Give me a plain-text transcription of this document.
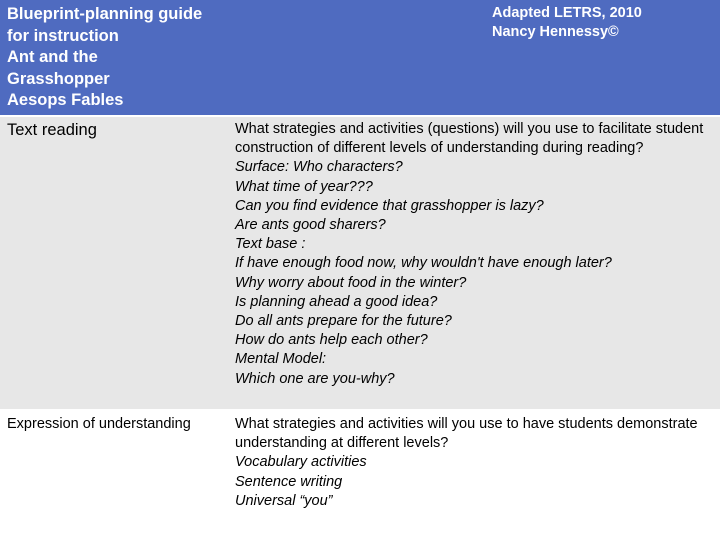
Blueprint-planning guide
for instruction
Ant and the
Grasshopper
Aesops Fables
Adapted LETRS, 2010
Nancy Hennessy©
Text reading	What strategies and activities (questions) will you use to facilitate student construction of different levels of understanding during reading?

Surface: Who characters?
What time of year???
Can you find evidence that grasshopper is lazy?
Are ants good sharers?
Text base :
If have enough food now, why wouldn't have enough later?
Why worry about food in the winter?
Is planning ahead a good idea?
Do all ants prepare for the future?
How do ants help each other?
Mental Model:
Which one are you-why?
Expression of understanding	What strategies and activities will you use to have students demonstrate understanding at different levels?

Vocabulary activities
Sentence writing
Universal “you”
